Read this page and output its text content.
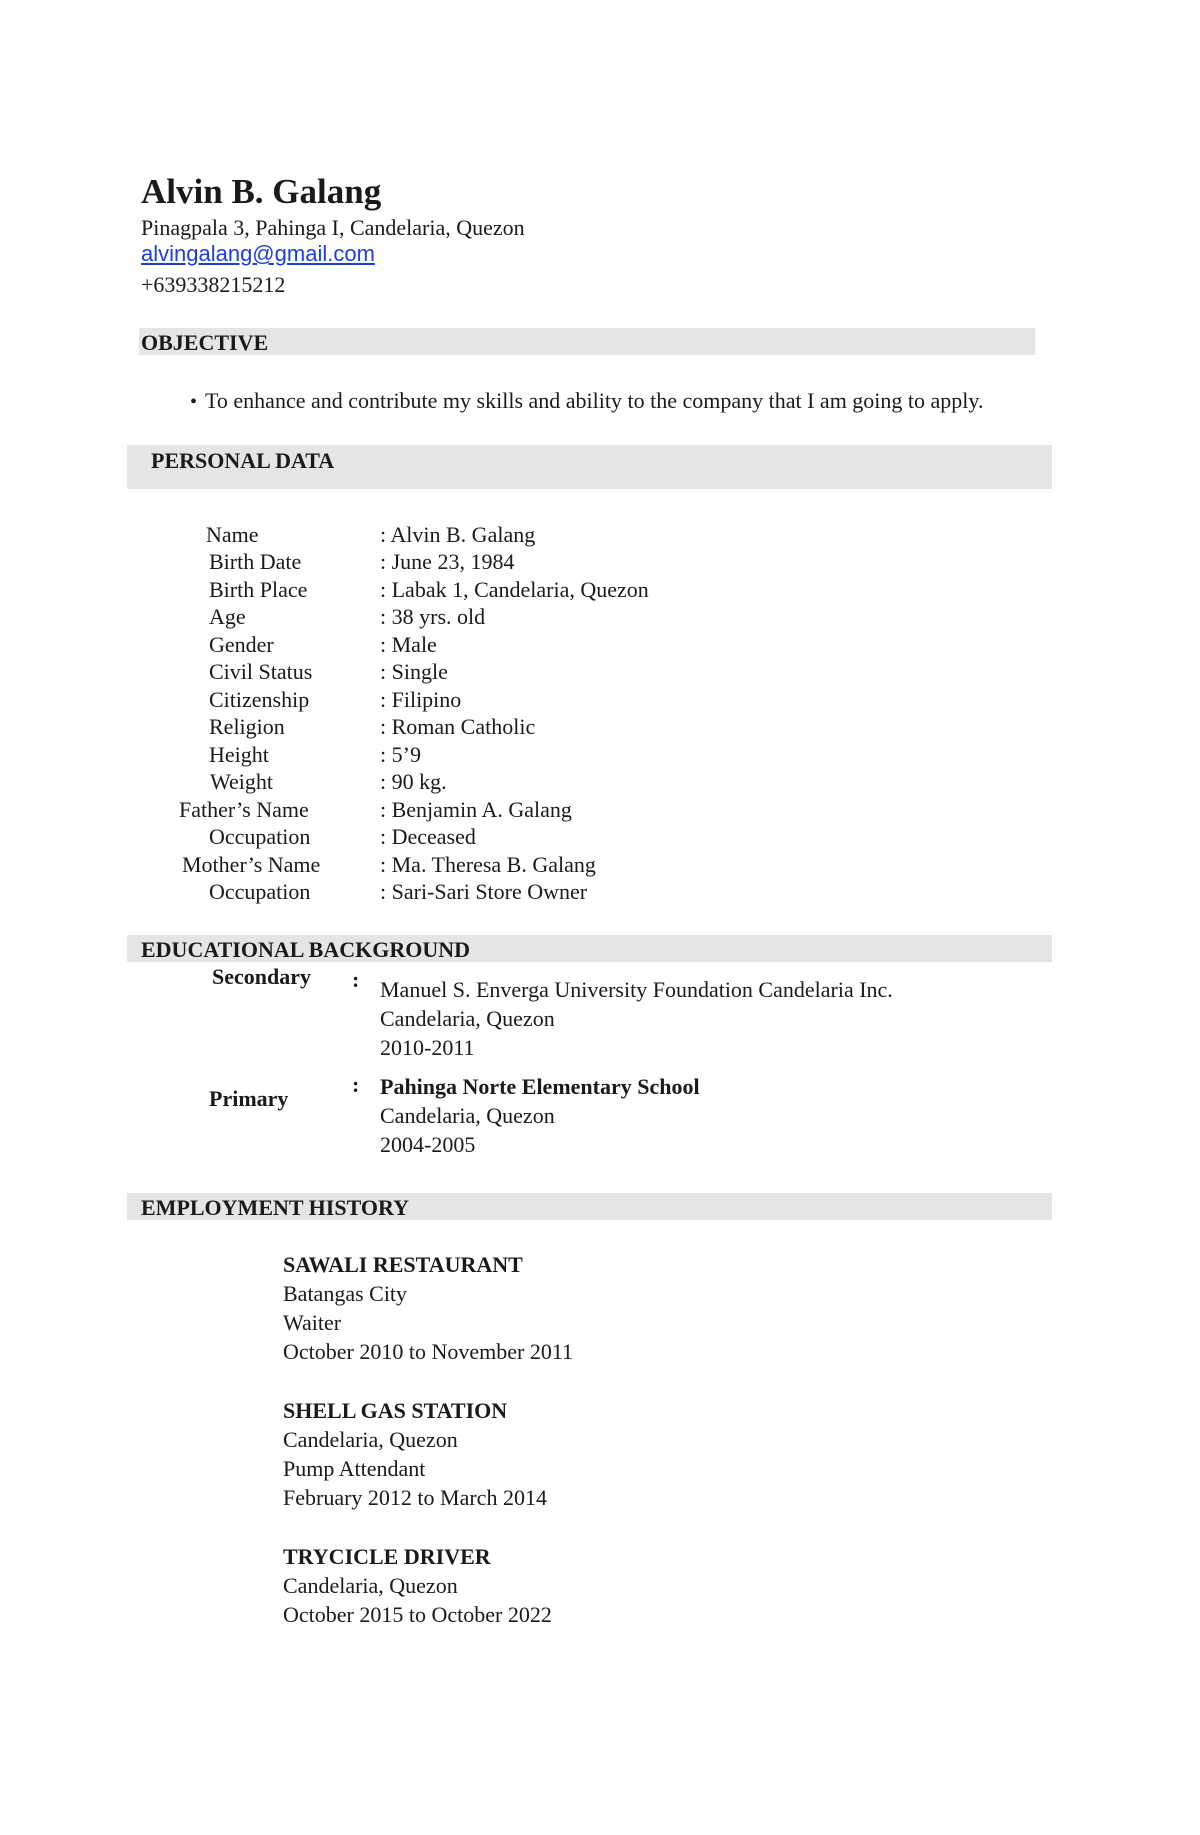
Alvin B. Galang
Pinagpala 3, Pahinga I, Candelaria, Quezon
alvingalang@gmail.com
+639338215212
OBJECTIVE
• To enhance and contribute my skills and ability to the company that I am going to apply.
PERSONAL DATA
Name	: Alvin B. Galang
Birth Date	: June 23, 1984
Birth Place	: Labak 1, Candelaria, Quezon
Age	: 38 yrs. old
Gender	: Male
Civil Status	: Single
Citizenship	: Filipino
Religion	: Roman Catholic
Height	: 5’9
Weight	: 90 kg.
Father’s Name	: Benjamin A. Galang
Occupation	: Deceased
Mother’s Name	: Ma. Theresa B. Galang
Occupation	: Sari-Sari Store Owner
EDUCATIONAL BACKGROUND
Secondary : Manuel S. Enverga University Foundation Candelaria Inc.
Candelaria, Quezon
2010-2011
Primary
: Pahinga Norte Elementary School
Candelaria, Quezon
2004-2005
EMPLOYMENT HISTORY
SAWALI RESTAURANT
Batangas City
Waiter
October 2010 to November 2011
SHELL GAS STATION
Candelaria, Quezon
Pump Attendant
February 2012 to March 2014
TRYCICLE DRIVER
Candelaria, Quezon
October 2015 to October 2022
